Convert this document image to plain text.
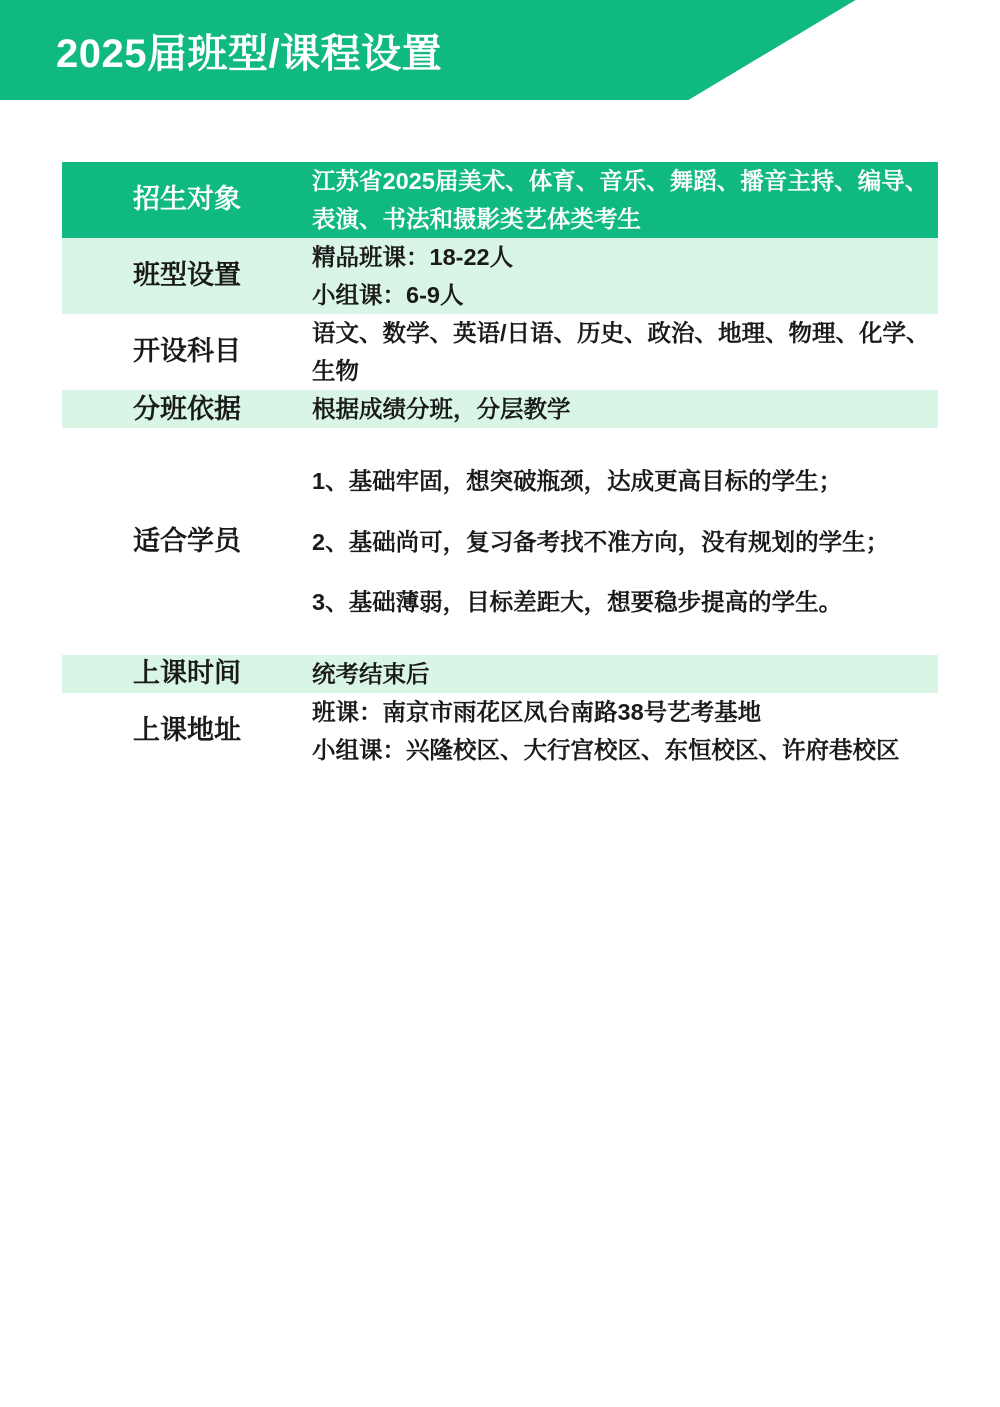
2025届班型/课程设置
招生对象	江苏省2025届美术、体育、音乐、舞蹈、播音主持、编导、表演、书法和摄影类艺体类考生

班型设置	精品班课：18-22人
小组课：6-9人

开设科目	语文、数学、英语/日语、历史、政治、地理、物理、化学、生物

分班依据	根据成绩分班，分层教学

适合学员	1、基础牢固，想突破瓶颈，达成更高目标的学生；
2、基础尚可，复习备考找不准方向，没有规划的学生；
3、基础薄弱，目标差距大，想要稳步提高的学生。

上课时间	统考结束后

上课地址	班课：南京市雨花区凤台南路38号艺考基地
小组课：兴隆校区、大行宫校区、东恒校区、许府巷校区
